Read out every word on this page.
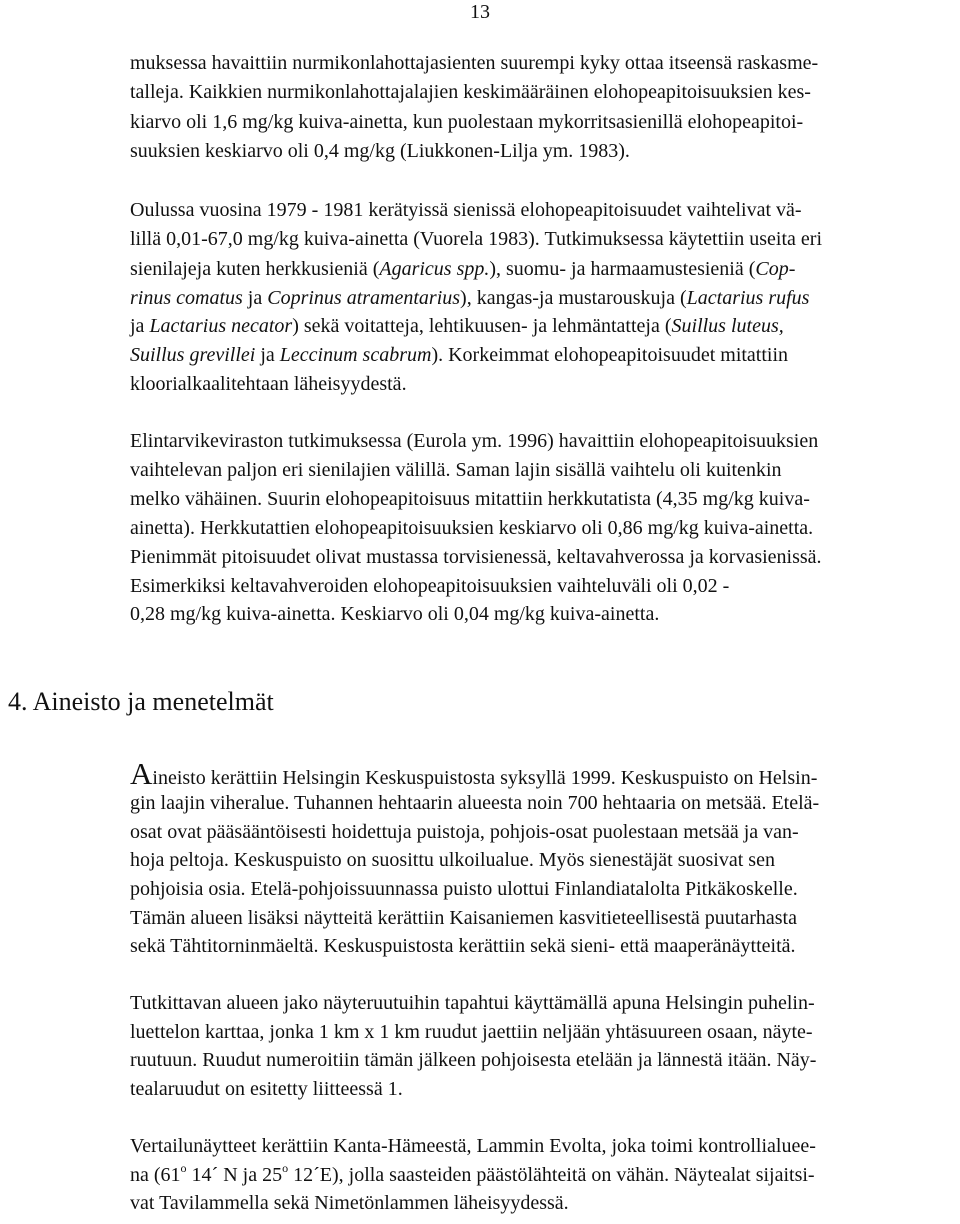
13
muksessa havaittiin nurmikonlahottajasienten suurempi kyky ottaa itseensä raskasme-
talleja. Kaikkien nurmikonlahottajalajien keskimääräinen elohopeapitoisuuksien kes-
kiarvo oli 1,6 mg/kg kuiva-ainetta, kun puolestaan mykorritsasienillä elohopeapitoi-
suuksien keskiarvo oli 0,4 mg/kg (Liukkonen-Lilja ym. 1983).
Oulussa vuosina 1979 - 1981 kerätyissä sienissä elohopeapitoisuudet vaihtelivat vä-
lillä 0,01-67,0 mg/kg kuiva-ainetta (Vuorela 1983). Tutkimuksessa käytettiin useita eri
sienilajeja kuten herkkusieniä (Agaricus spp.), suomu- ja harmaamustesieniä (Cop-
rinus comatus ja Coprinus atramentarius), kangas-ja mustarouskuja (Lactarius rufus
ja Lactarius necator) sekä voitatteja, lehtikuusen- ja lehmäntatteja (Suillus luteus,
Suillus grevillei ja Leccinum scabrum). Korkeimmat elohopeapitoisuudet mitattiin
kloorialkaalitehtaan läheisyydestä.
Elintarvikeviraston tutkimuksessa (Eurola ym. 1996) havaittiin elohopeapitoisuuksien
vaihtelevan paljon eri sienilajien välillä. Saman lajin sisällä vaihtelu oli kuitenkin
melko vähäinen. Suurin elohopeapitoisuus mitattiin herkkutatista (4,35 mg/kg kuiva-
ainetta). Herkkutattien elohopeapitoisuuksien keskiarvo oli 0,86 mg/kg kuiva-ainetta.
Pienimmät pitoisuudet olivat mustassa torvisienessä, keltavahverossa ja korvasienissä.
Esimerkiksi keltavahveroiden elohopeapitoisuuksien vaihteluväli oli 0,02 -
0,28 mg/kg kuiva-ainetta. Keskiarvo oli 0,04 mg/kg kuiva-ainetta.
Aineisto kerättiin Helsingin Keskuspuistosta syksyllä 1999. Keskuspuisto on Helsin-
gin laajin viheralue. Tuhannen hehtaarin alueesta noin 700 hehtaaria on metsää. Etelä-
osat ovat pääsääntöisesti hoidettuja puistoja, pohjois-osat puolestaan metsää ja van-
hoja peltoja. Keskuspuisto on suosittu ulkoilualue. Myös sienestäjät suosivat sen
pohjoisia osia. Etelä-pohjoissuunnassa puisto ulottui Finlandiatalolta Pitkäkoskelle.
Tämän alueen lisäksi näytteitä kerättiin Kaisaniemen kasvitieteellisestä puutarhasta
sekä Tähtitorninmäeltä. Keskuspuistosta kerättiin sekä sieni- että maaperänäytteitä.
Tutkittavan alueen jako näyteruutuihin tapahtui käyttämällä apuna Helsingin puhelin-
luettelon karttaa, jonka 1 km x 1 km ruudut jaettiin neljään yhtäsuureen osaan, näyte-
ruutuun. Ruudut numeroitiin tämän jälkeen pohjoisesta etelään ja lännestä itään. Näy-
tealaruudut on esitetty liitteessä 1.
Vertailunäytteet kerättiin Kanta-Hämeestä, Lammin Evolta, joka toimi kontrollialuee-
na (61$^o$ 14´ N ja 25$^o$ 12´E), jolla saasteiden päästölähteitä on vähän. Näytealat sijaitsi-
vat Tavilammella sekä Nimetönlammen läheisyydessä.
4. Aineisto ja menetelmät
